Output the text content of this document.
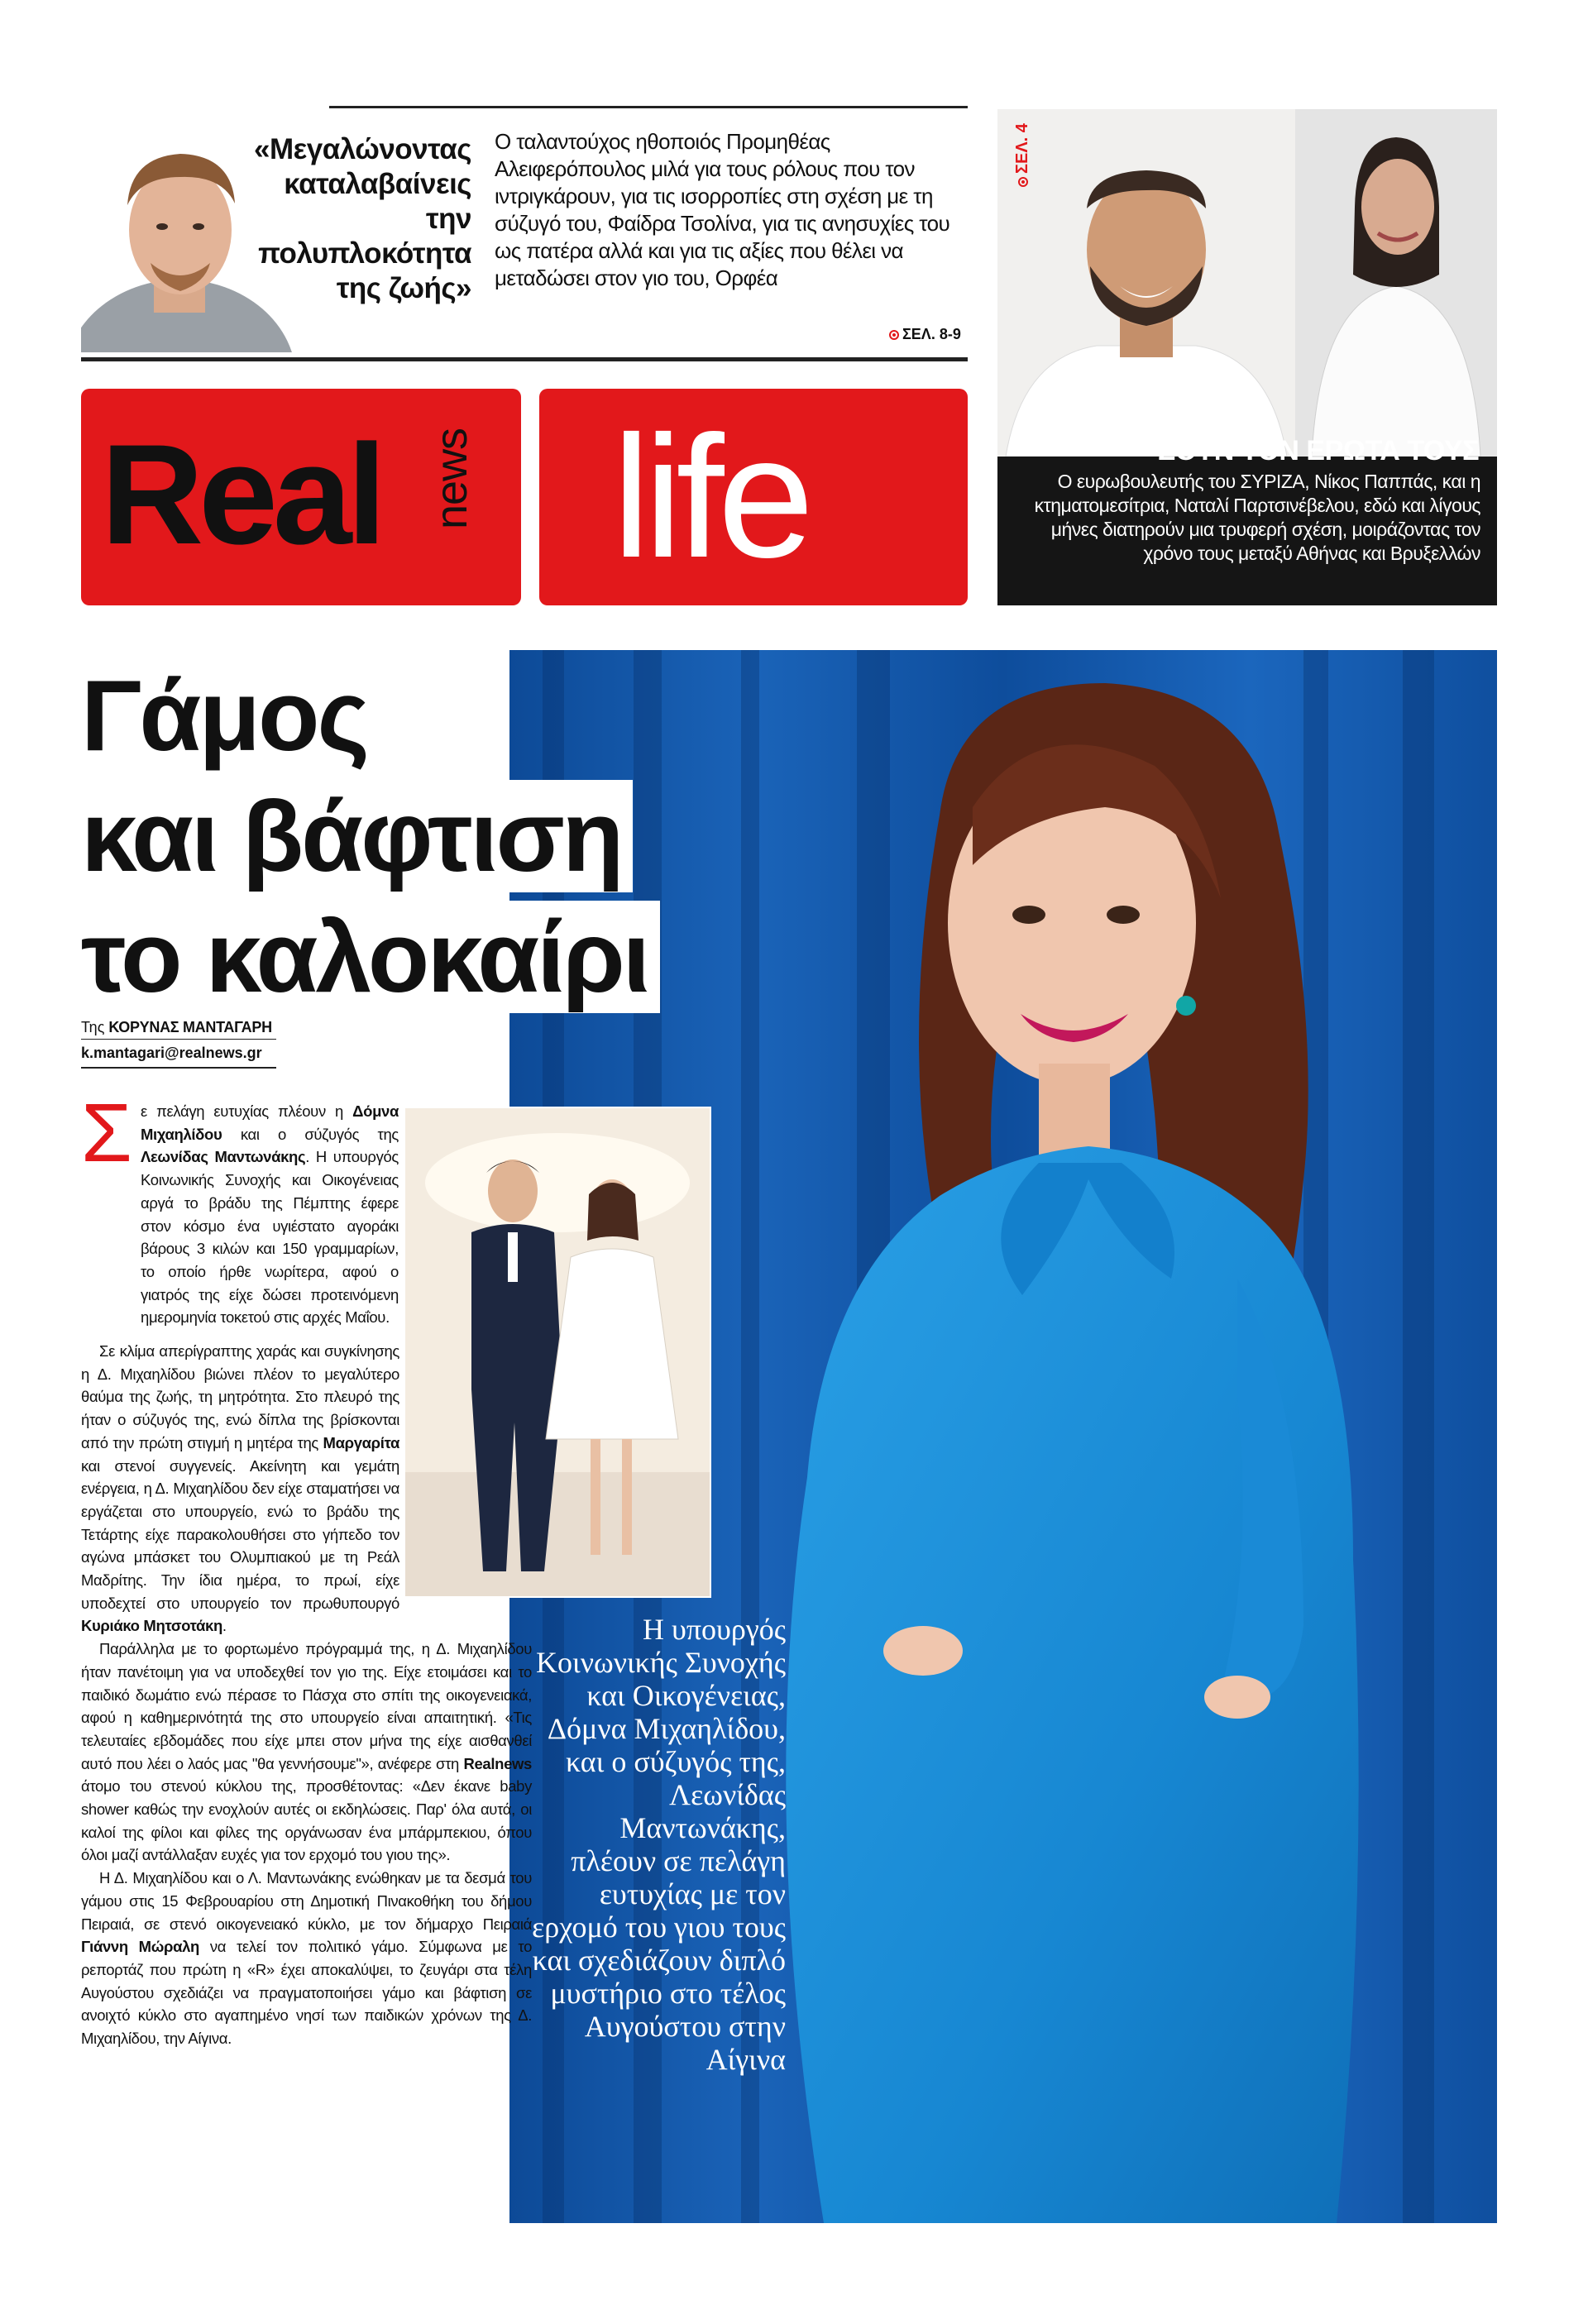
«Μεγαλώνοντας καταλαβαίνεις την πολυπλοκότητα της ζωής»
Ο ταλαντούχος ηθοποιός Προμηθέας Αλειφερόπουλος μιλά για τους ρόλους που τον ιντριγκάρουν, για τις ισορροπίες στη σχέση με τη σύζυγό του, Φαίδρα Τσολίνα, για τις ανησυχίες του ως πατέρα αλλά και για τις αξίες που θέλει να μεταδώσει στον γιο του, Ορφέα
ΣΕΛ. 8-9
Real news life
ΣΕΛ. 4
ΖΟΥΝ ΤΟΝ ΕΡΩΤΑ ΤΟΥΣ
Ο ευρωβουλευτής του ΣΥΡΙΖΑ, Νίκος Παππάς, και η κτηματομεσίτρια, Ναταλί Παρτσινέβελου, εδώ και λίγους μήνες διατηρούν μια τρυφερή σχέση, μοιράζοντας τον χρόνο τους μεταξύ Αθήνας και Βρυξελλών
Γάμος
και βάφτιση
το καλοκαίρι
Της ΚΟΡΥΝΑΣ ΜΑΝΤΑΓΑΡΗ
k.mantagari@realnews.gr
Σ ε πελάγη ευτυχίας πλέουν η Δόμνα Μιχαηλίδου και ο σύζυγός της Λεωνίδας Μαντωνάκης. Η υπουργός Κοινωνικής Συνοχής και Οικογένειας αργά το βράδυ της Πέμπτης έφερε στον κόσμο ένα υγιέστατο αγοράκι βάρους 3 κιλών και 150 γραμμαρίων, το οποίο ήρθε νωρίτερα, αφού ο γιατρός της είχε δώσει προτεινόμενη ημερομηνία τοκετού στις αρχές Μαΐου.

Σε κλίμα απερίγραπτης χαράς και συγκίνησης η Δ. Μιχαηλίδου βιώνει πλέον το μεγαλύτερο θαύμα της ζωής, τη μητρότητα. Στο πλευρό της ήταν ο σύζυγός της, ενώ δίπλα της βρίσκονται από την πρώτη στιγμή η μητέρα της Μαργαρίτα και στενοί συγγενείς. Ακείνητη και γεμάτη ενέργεια, η Δ. Μιχαηλίδου δεν είχε σταματήσει να εργάζεται στο υπουργείο, ενώ το βράδυ της Τετάρτης είχε παρακολουθήσει στο γήπεδο τον αγώνα μπάσκετ του Ολυμπιακού με τη Ρεάλ Μαδρίτης. Την ίδια ημέρα, το πρωί, είχε υποδεχτεί στο υπουργείο τον πρωθυπουργό Κυριάκο Μητσοτάκη.

Παράλληλα με το φορτωμένο πρόγραμμά της, η Δ. Μιχαηλίδου ήταν πανέτοιμη για να υποδεχθεί τον γιο της. Είχε ετοιμάσει και το παιδικό δωμάτιο ενώ πέρασε το Πάσχα στο σπίτι της οικογενειακά, αφού η καθημερινότητά της στο υπουργείο είναι απαιτητική. «Τις τελευταίες εβδομάδες που είχε μπει στον μήνα της είχε αισθανθεί αυτό που λέει ο λαός μας "θα γεννήσουμε"», ανέφερε στη Realnews άτομο του στενού κύκλου της, προσθέτοντας: «Δεν έκανε baby shower καθώς την ενοχλούν αυτές οι εκδηλώσεις. Παρ' όλα αυτά, οι καλοί της φίλοι και φίλες της οργάνωσαν ένα μπάρμπεκιου, όπου όλοι μαζί αντάλλαξαν ευχές για τον ερχομό του γιου της».

Η Δ. Μιχαηλίδου και ο Λ. Μαντωνάκης ενώθηκαν με τα δεσμά του γάμου στις 15 Φεβρουαρίου στη Δημοτική Πινακοθήκη του δήμου Πειραιά, σε στενό οικογενειακό κύκλο, με τον δήμαρχο Πειραιά Γιάννη Μώραλη να τελεί τον πολιτικό γάμο. Σύμφωνα με το ρεπορτάζ που πρώτη η «R» έχει αποκαλύψει, το ζευγάρι στα τέλη Αυγούστου σχεδιάζει να πραγματοποιήσει γάμο και βάφτιση σε ανοιχτό κύκλο στο αγαπημένο νησί των παιδικών χρόνων της Δ. Μιχαηλίδου, την Αίγινα.

Η υπουργός Κοινωνικής Συνοχής και Οικογένειας, Δόμνα Μιχαηλίδου, και ο σύζυγός της, Λεωνίδας Μαντωνάκης, πλέουν σε πελάγη ευτυχίας με τον ερχομό του γιου τους και σχεδιάζουν διπλό μυστήριο στο τέλος Αυγούστου στην Αίγινα
